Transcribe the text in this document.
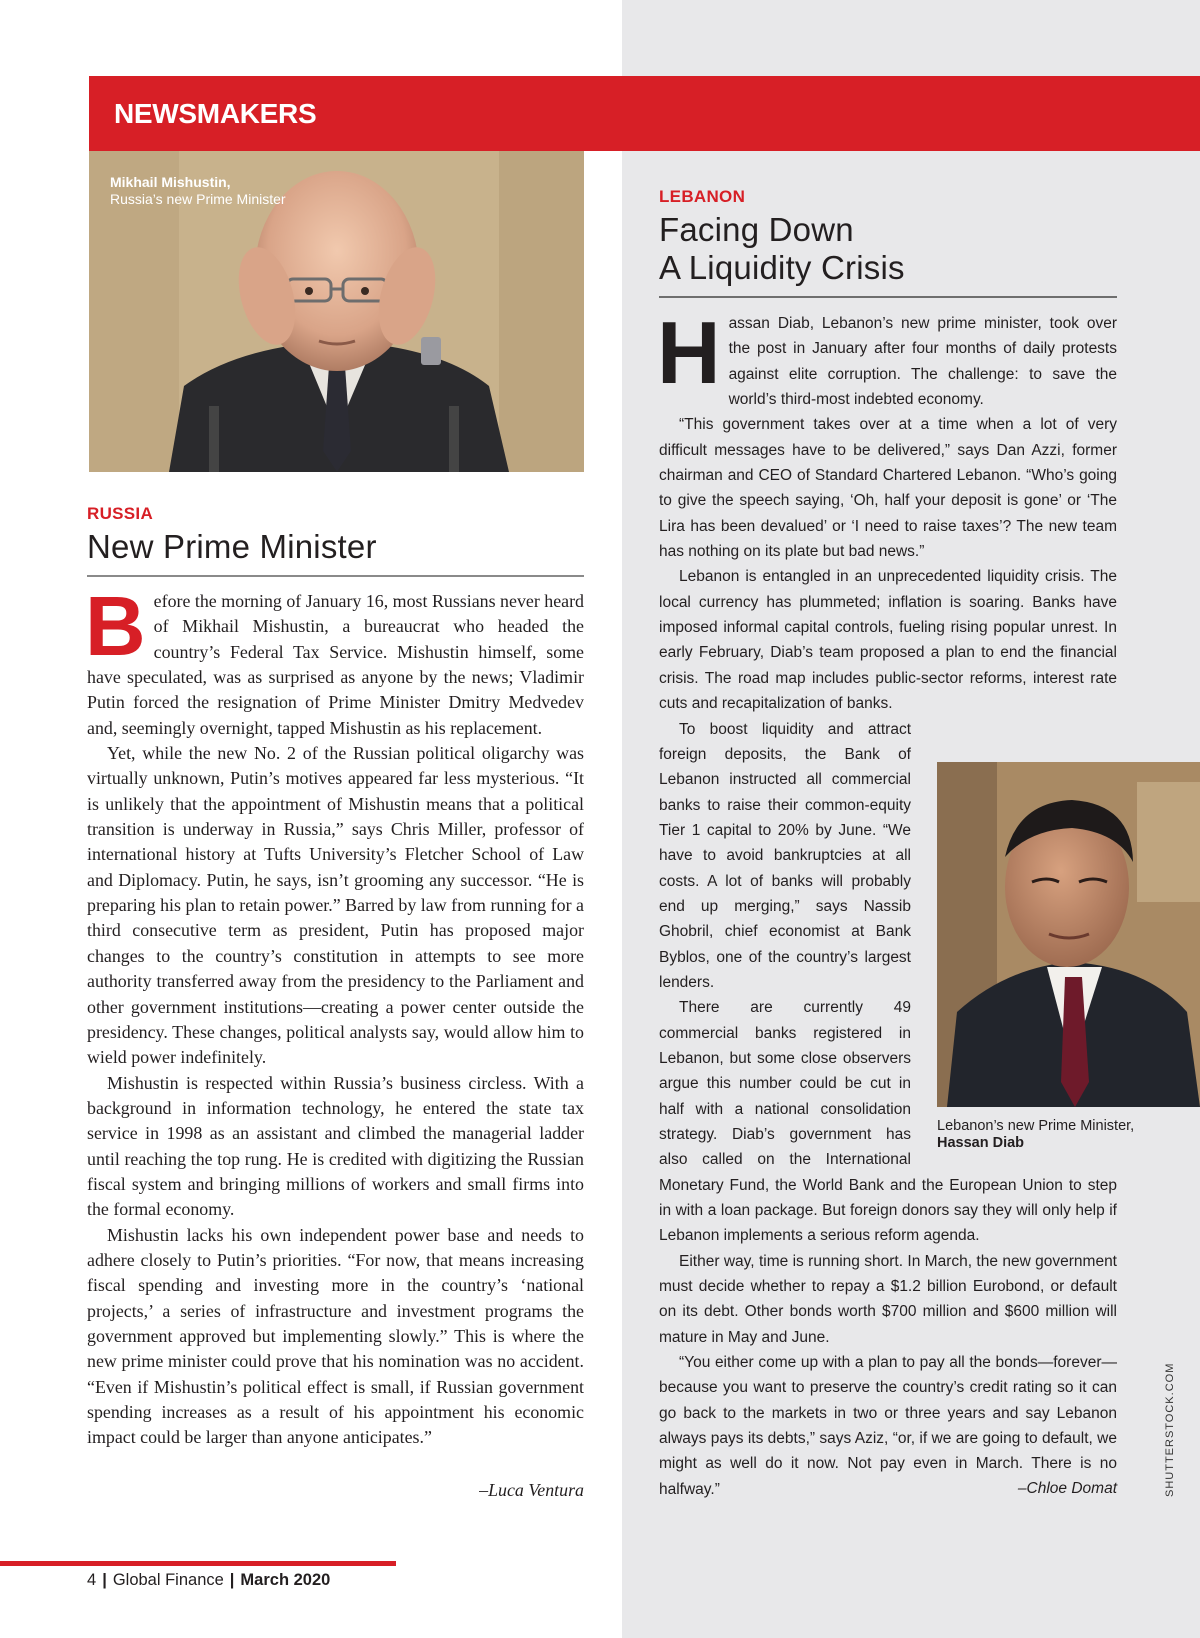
NEWSMAKERS
Mikhail Mishustin,
Russia’s new Prime Minister
RUSSIA
New Prime Minister

Before the morning of January 16, most Russians never heard of Mikhail Mishustin, a bureaucrat who headed the country’s Federal Tax Service. Mishustin himself, some have speculated, was as surprised as anyone by the news; Vladimir Putin forced the resignation of Prime Minister Dmitry Medvedev and, seemingly overnight, tapped Mishustin as his replacement.

Yet, while the new No. 2 of the Russian political oligarchy was virtually unknown, Putin’s motives appeared far less mysterious. “It is unlikely that the appointment of Mishustin means that a political transition is underway in Russia,” says Chris Miller, professor of international history at Tufts University’s Fletcher School of Law and Diplomacy. Putin, he says, isn’t grooming any successor. “He is preparing his plan to retain power.” Barred by law from running for a third consecutive term as president, Putin has proposed major changes to the country’s constitution in attempts to see more authority transferred away from the presidency to the Parliament and other government institutions—creating a power center outside the presidency. These changes, political analysts say, would allow him to wield power indefinitely.

Mishustin is respected within Russia’s business circless. With a background in information technology, he entered the state tax service in 1998 as an assistant and climbed the managerial ladder until reaching the top rung. He is credited with digitizing the Russian fiscal system and bringing millions of workers and small firms into the formal economy.

Mishustin lacks his own independent power base and needs to adhere closely to Putin’s priorities. “For now, that means increasing fiscal spending and investing more in the country’s ‘national projects,’ a series of infrastructure and investment programs the government approved but implementing slowly.” This is where the new prime minister could prove that his nomination was no accident. “Even if Mishustin’s political effect is small, if Russian government spending increases as a result of his appointment his economic impact could be larger than anyone anticipates.”

–Luca Ventura
LEBANON
Facing Down
A Liquidity Crisis

Hassan Diab, Lebanon’s new prime minister, took over the post in January after four months of daily protests against elite corruption. The challenge: to save the world’s third-most indebted economy.

“This government takes over at a time when a lot of very difficult messages have to be delivered,” says Dan Azzi, former chairman and CEO of Standard Chartered Lebanon. “Who’s going to give the speech saying, ‘Oh, half your deposit is gone’ or ‘The Lira has been devalued’ or ‘I need to raise taxes’? The new team has nothing on its plate but bad news.”

Lebanon is entangled in an unprecedented liquidity crisis. The local currency has plummeted; inflation is soaring. Banks have imposed informal capital controls, fueling rising popular unrest. In early February, Diab’s team proposed a plan to end the financial crisis. The road map includes public-sector reforms, interest rate cuts and recapitalization of banks.

To boost liquidity and attract foreign deposits, the Bank of Lebanon instructed all commercial banks to raise their common-equity Tier 1 capital to 20% by June. “We have to avoid bankruptcies at all costs. A lot of banks will probably end up merging,” says Nassib Ghobril, chief economist at Bank Byblos, one of the country’s largest lenders.

There are currently 49 commercial banks registered in Lebanon, but some close observers argue this number could be cut in half with a national consolidation strategy. Diab’s government has also called on the International Monetary Fund, the World Bank and the European Union to step in with a loan package. But foreign donors say they will only help if Lebanon implements a serious reform agenda.

Either way, time is running short. In March, the new government must decide whether to repay a $1.2 billion Eurobond, or default on its debt. Other bonds worth $700 million and $600 million will mature in May and June.

“You either come up with a plan to pay all the bonds—forever—because you want to preserve the country’s credit rating so it can go back to the markets in two or three years and say Lebanon always pays its debts,” says Aziz, “or, if we are going to default, we might as well do it now. Not pay even in March. There is no halfway.”	–Chloe Domat
Lebanon’s new Prime Minister, Hassan Diab
SHUTTERSTOCK.COM
4 | Global Finance | March 2020
